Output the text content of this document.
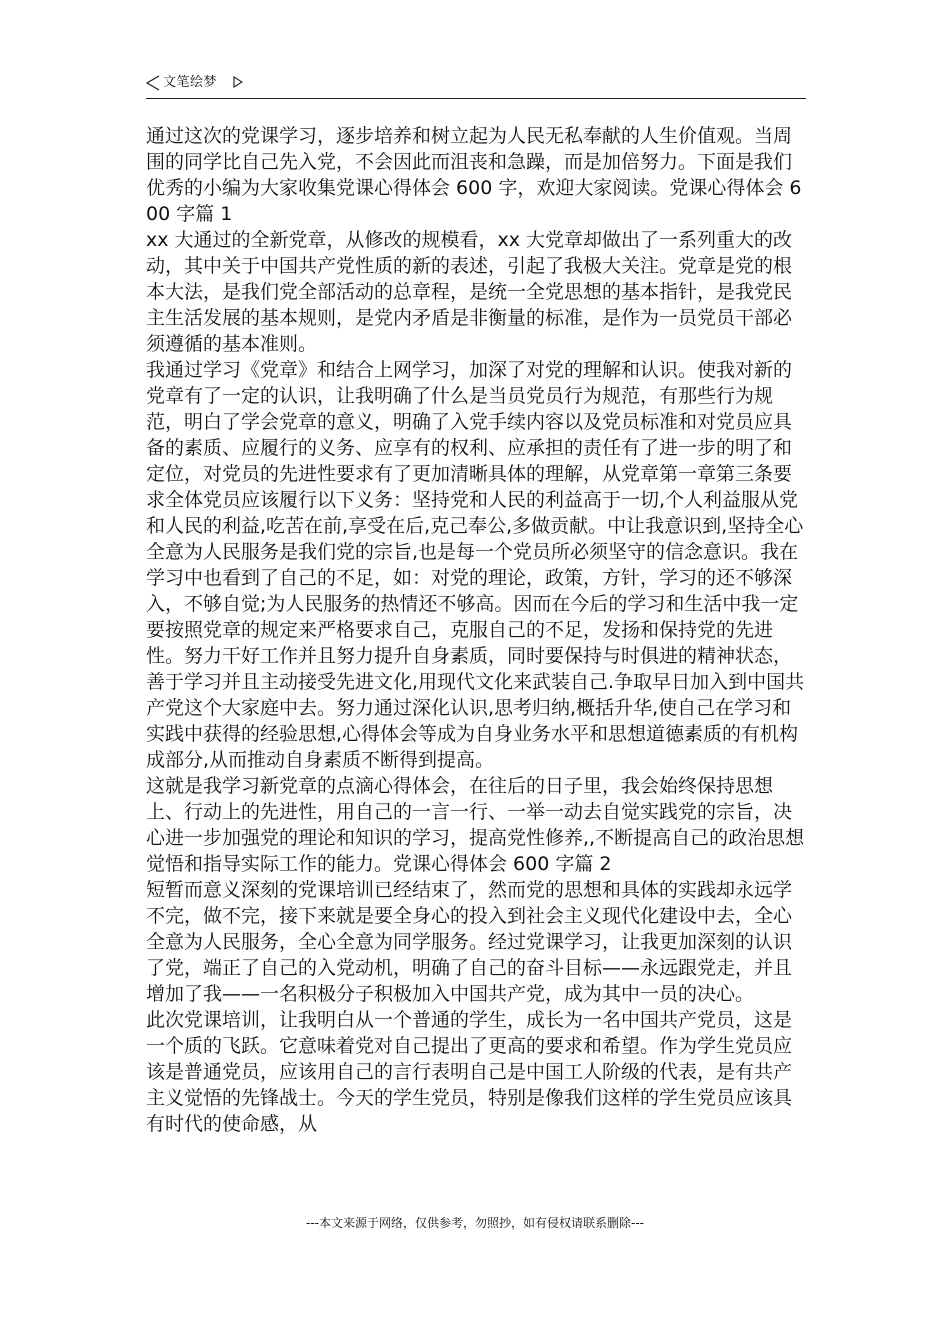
文笔绘梦

通过这次的党课学习，逐步培养和树立起为人民无私奉献的人生价值观。当周围的同学比自己先入党，不会因此而沮丧和急躁，而是加倍努力。下面是我们优秀的小编为大家收集党课心得体会 600 字，欢迎大家阅读。党课心得体会 600 字篇 1

xx 大通过的全新党章，从修改的规模看，xx 大党章却做出了一系列重大的改动，其中关于中国共产党性质的新的表述，引起了我极大关注。党章是党的根本大法，是我们党全部活动的总章程，是统一全党思想的基本指针，是我党民主生活发展的基本规则，是党内矛盾是非衡量的标准，是作为一员党员干部必须遵循的基本准则。

我通过学习《党章》和结合上网学习，加深了对党的理解和认识。使我对新的党章有了一定的认识，让我明确了什么是当员党员行为规范，有那些行为规范，明白了学会党章的意义，明确了入党手续内容以及党员标准和对党员应具备的素质、应履行的义务、应享有的权利、应承担的责任有了进一步的明了和定位，对党员的先进性要求有了更加清晰具体的理解，从党章第一章第三条要求全体党员应该履行以下义务：坚持党和人民的利益高于一切,个人利益服从党和人民的利益,吃苦在前,享受在后,克己奉公,多做贡献。中让我意识到,坚持全心全意为人民服务是我们党的宗旨,也是每一个党员所必须坚守的信念意识。我在学习中也看到了自己的不足，如：对党的理论，政策，方针，学习的还不够深入，不够自觉;为人民服务的热情还不够高。因而在今后的学习和生活中我一定要按照党章的规定来严格要求自己，克服自己的不足，发扬和保持党的先进性。努力干好工作并且努力提升自身素质，同时要保持与时俱进的精神状态，善于学习并且主动接受先进文化,用现代文化来武装自己.争取早日加入到中国共产党这个大家庭中去。努力通过深化认识,思考归纳,概括升华,使自己在学习和实践中获得的经验思想,心得体会等成为自身业务水平和思想道德素质的有机构成部分,从而推动自身素质不断得到提高。

这就是我学习新党章的点滴心得体会，在往后的日子里，我会始终保持思想上、行动上的先进性，用自己的一言一行、一举一动去自觉实践党的宗旨，决心进一步加强党的理论和知识的学习，提高党性修养,,不断提高自己的政治思想觉悟和指导实际工作的能力。党课心得体会 600 字篇 2

短暂而意义深刻的党课培训已经结束了，然而党的思想和具体的实践却永远学不完，做不完，接下来就是要全身心的投入到社会主义现代化建设中去，全心全意为人民服务，全心全意为同学服务。经过党课学习，让我更加深刻的认识了党，端正了自己的入党动机，明确了自己的奋斗目标——永远跟党走，并且增加了我——一名积极分子积极加入中国共产党，成为其中一员的决心。

此次党课培训，让我明白从一个普通的学生，成长为一名中国共产党员，这是一个质的飞跃。它意味着党对自己提出了更高的要求和希望。作为学生党员应该是普通党员，应该用自己的言行表明自己是中国工人阶级的代表，是有共产主义觉悟的先锋战士。今天的学生党员，特别是像我们这样的学生党员应该具有时代的使命感，从

---本文来源于网络，仅供参考，勿照抄，如有侵权请联系删除---
